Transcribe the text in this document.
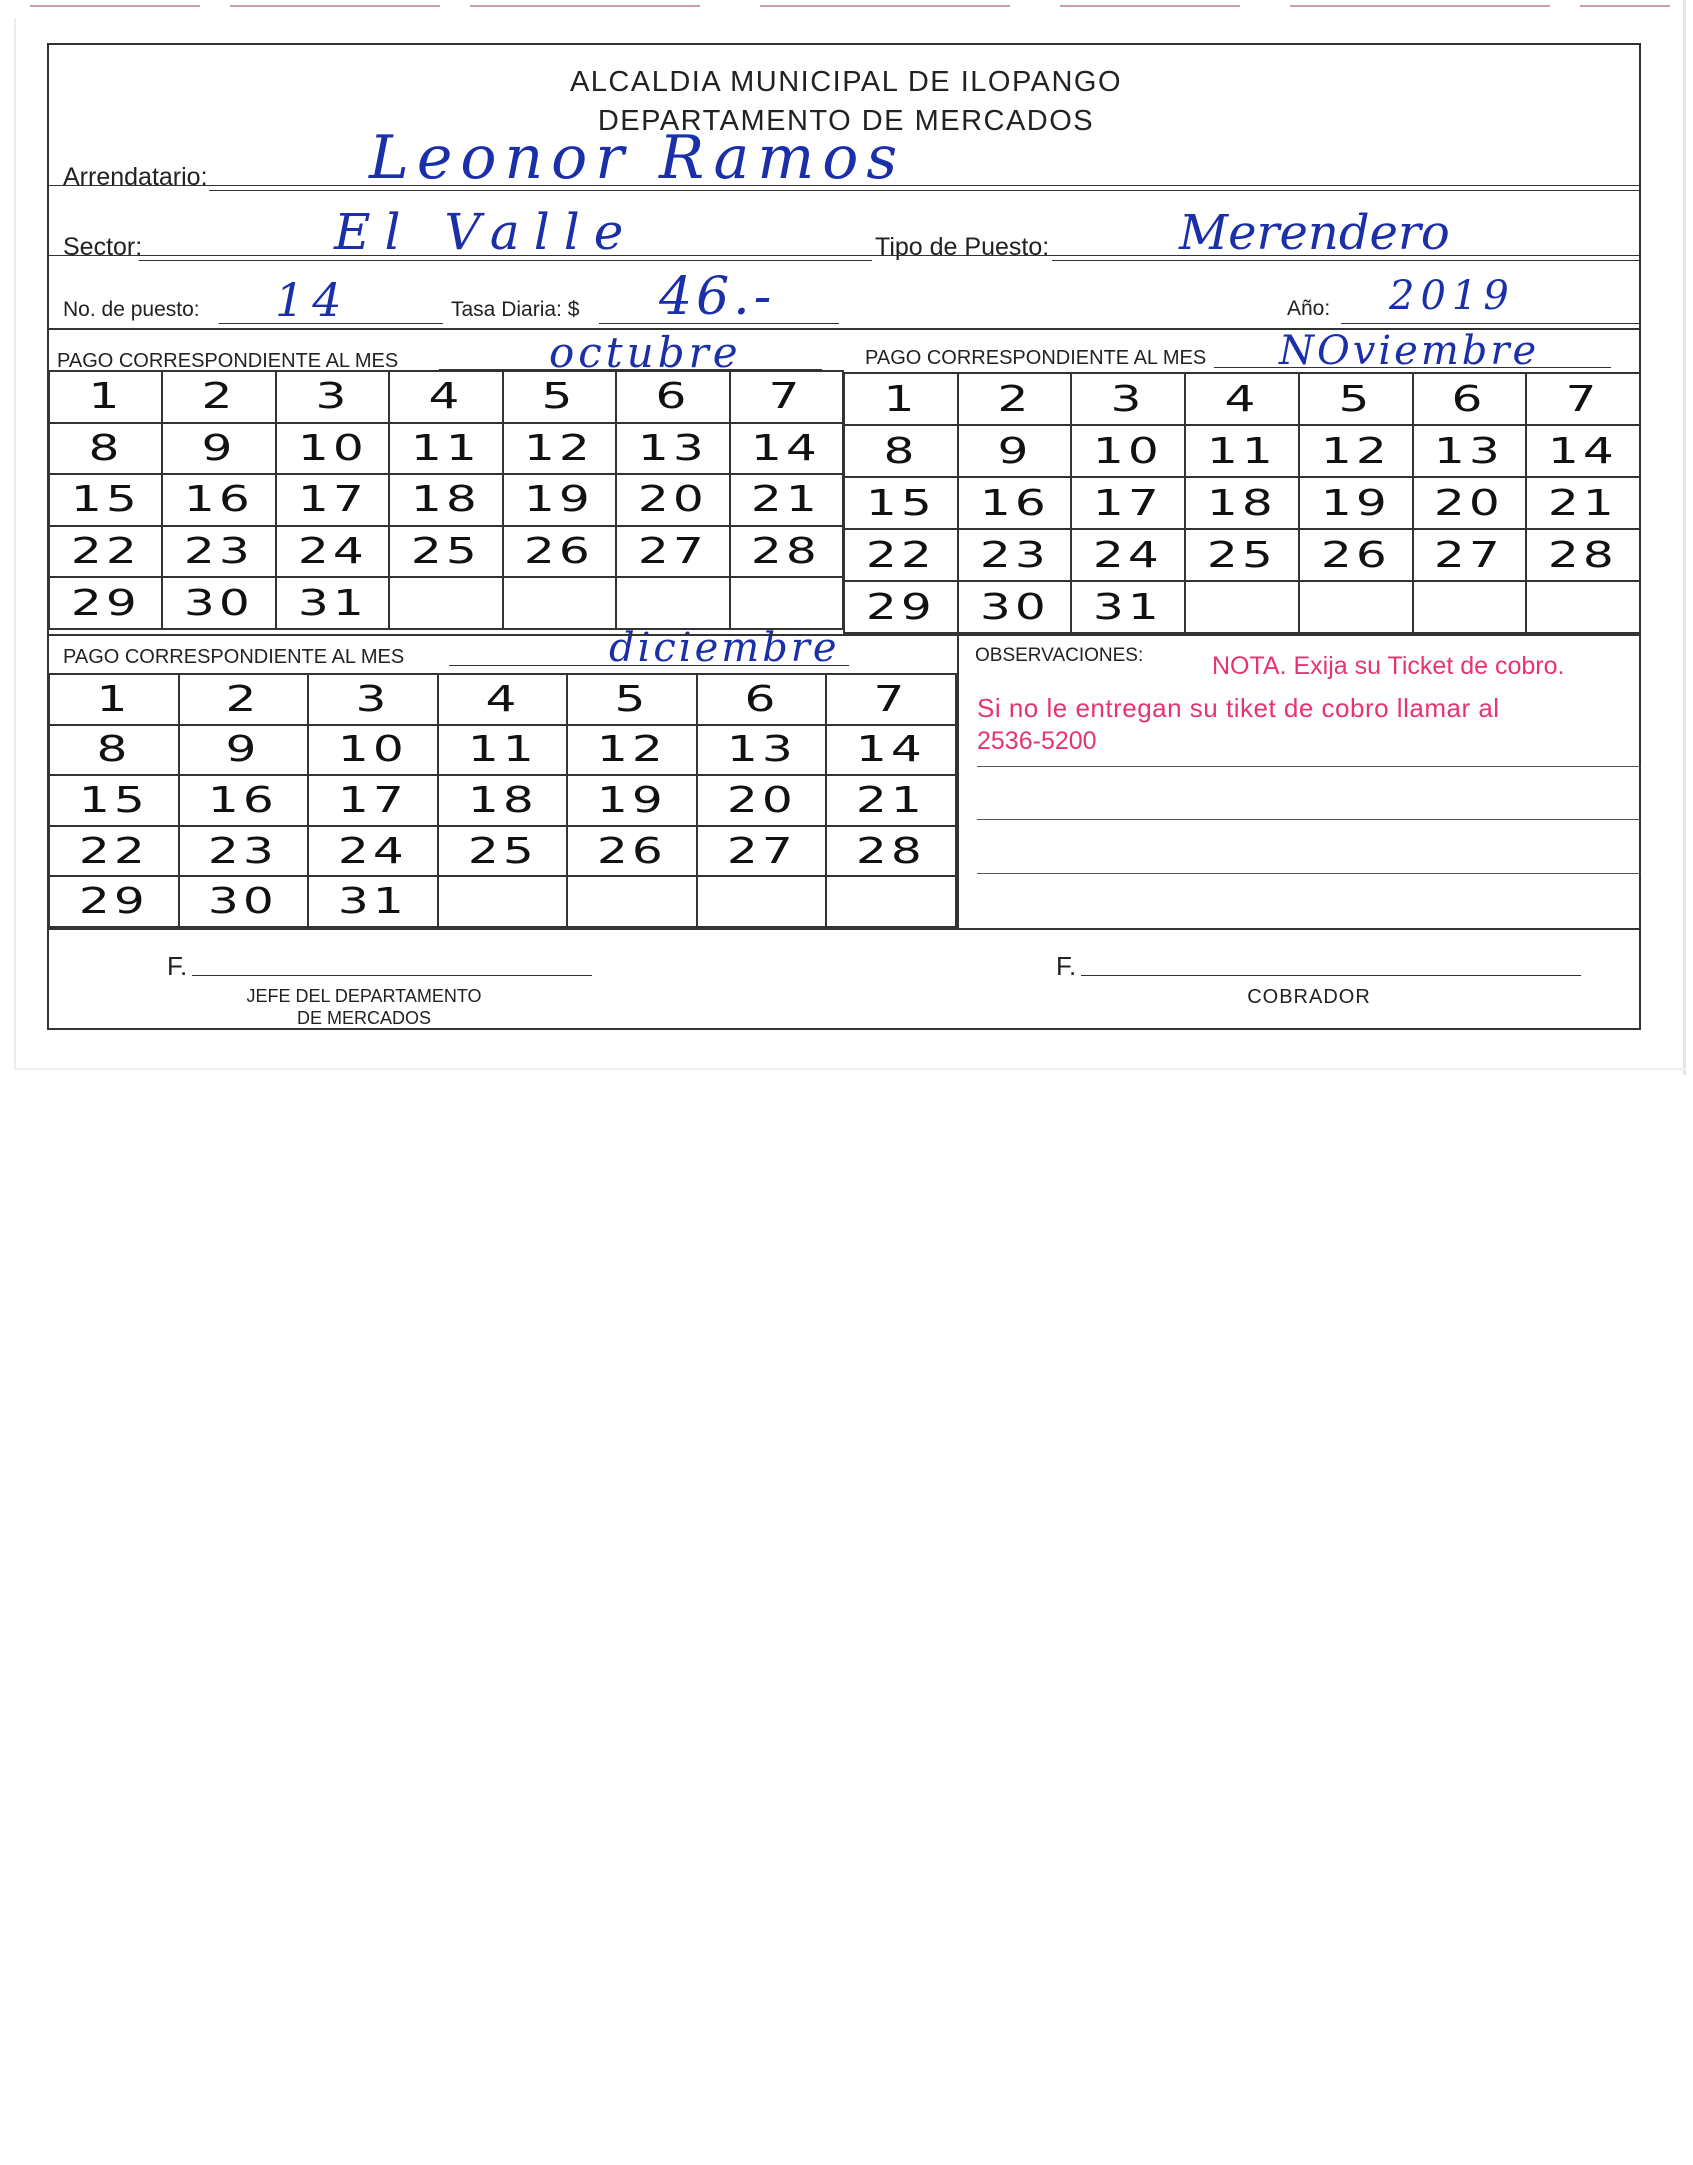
ALCALDIA MUNICIPAL DE ILOPANGO
DEPARTAMENTO DE MERCADOS
Arrendatario:	Leonor Ramos
Sector:	El Valle	Tipo de Puesto:	Merendero
No. de puesto: 14	Tasa Diaria: $ 46.-	Año: 2019
PAGO CORRESPONDIENTE AL MES	octubre	PAGO CORRESPONDIENTE AL MES NOviembre
1	2	3	4	5	6	7
8	9	10	11	12	13	14
15	16	17	18	19	20	21
22	23	24	25	26	27	28
29	30	31				
1	2	3	4	5	6	7
8	9	10	11	12	13	14
15	16	17	18	19	20	21
22	23	24	25	26	27	28
29	30	31				
PAGO CORRESPONDIENTE AL MES	diciembre
1	2	3	4	5	6	7
8	9	10	11	12	13	14
15	16	17	18	19	20	21
22	23	24	25	26	27	28
29	30	31				
OBSERVACIONES:	NOTA. Exija su Ticket de cobro.
Si no le entregan su tiket de cobro llamar al
2536-5200
F.
JEFE DEL DEPARTAMENTO
DE MERCADOS
F.
COBRADOR
